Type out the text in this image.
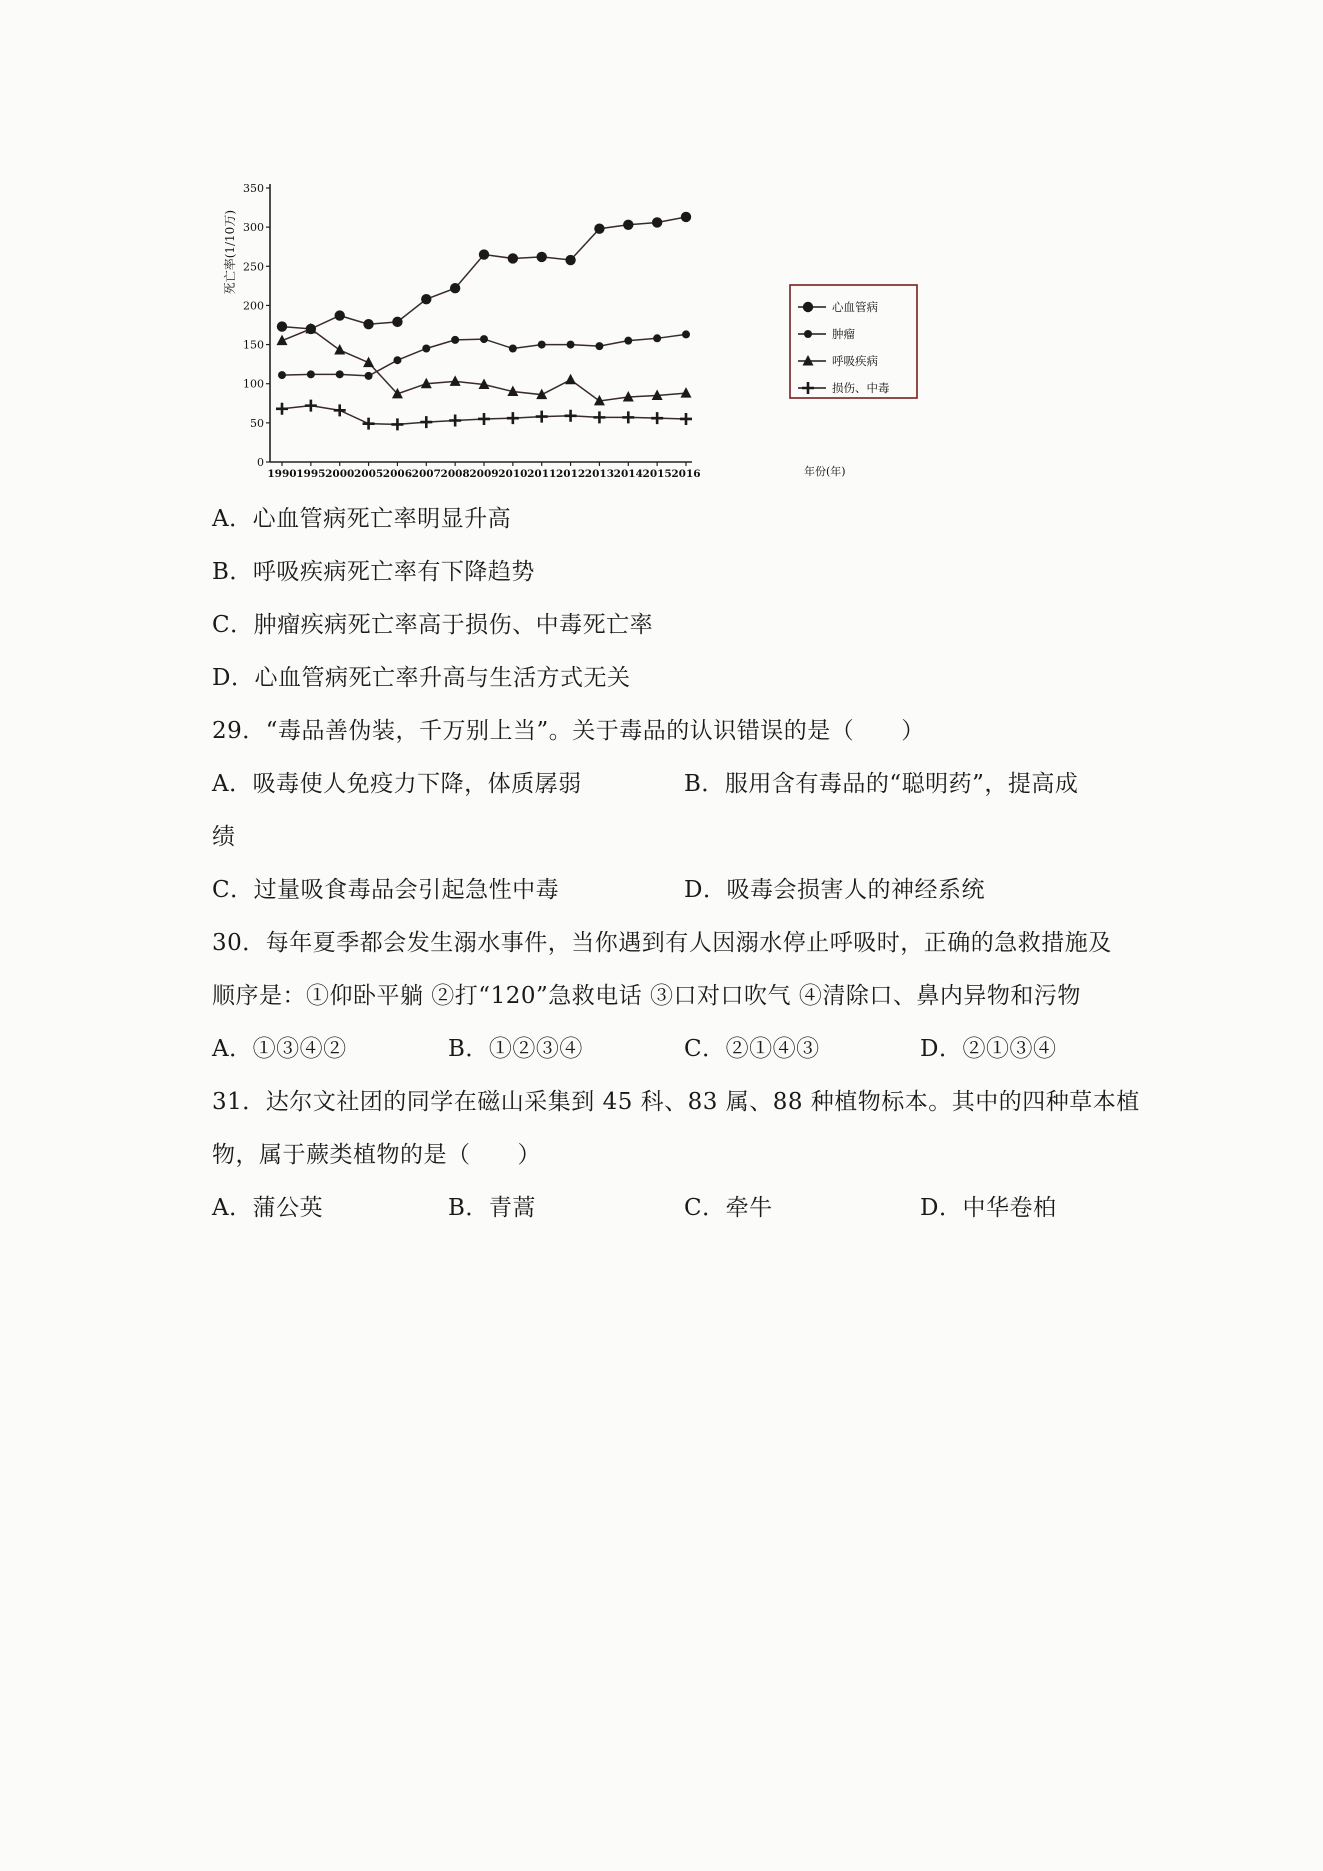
0
50
100
150
200
250
300
350
1990 1995 2000 2005 2006 2007 2008 2009 2010 2011 2012 2013 2014 2015 2016
死亡率(1/10万)
年份(年)
心血管病
肿瘤
呼吸疾病
损伤、中毒
A．心血管病死亡率明显升高
B．呼吸疾病死亡率有下降趋势
C．肿瘤疾病死亡率高于损伤、中毒死亡率
D．心血管病死亡率升高与生活方式无关
29．“毒品善伪装，千万别上当”。关于毒品的认识错误的是（　　）
A．吸毒使人免疫力下降，体质孱弱	B．服用含有毒品的“聪明药”，提高成
绩
C．过量吸食毒品会引起急性中毒	D．吸毒会损害人的神经系统
30．每年夏季都会发生溺水事件，当你遇到有人因溺水停止呼吸时，正确的急救措施及
顺序是：①仰卧平躺 ②打“120”急救电话 ③口对口吹气 ④清除口、鼻内异物和污物
A．①③④②	B．①②③④	C．②①④③	D．②①③④
31．达尔文社团的同学在磁山采集到 45 科、83 属、88 种植物标本。其中的四种草本植
物，属于蕨类植物的是（　　）
A．蒲公英	B．青蒿	C．牵牛	D．中华卷柏
